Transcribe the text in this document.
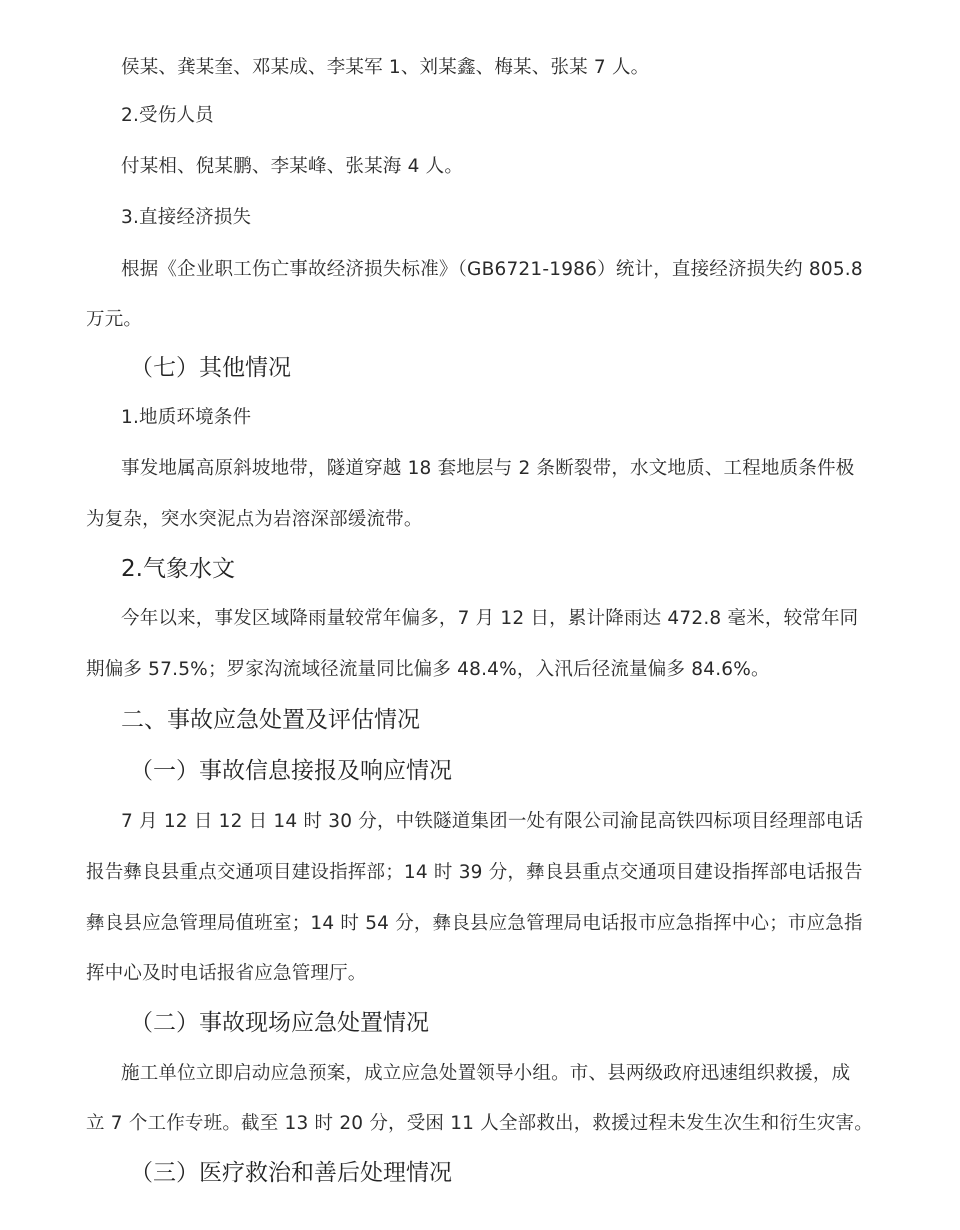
侯某、龚某奎、邓某成、李某军 1、刘某鑫、梅某、张某 7 人。
2.受伤人员
付某相、倪某鹏、李某峰、张某海 4 人。
3.直接经济损失
根据《企业职工伤亡事故经济损失标准》（GB6721-1986）统计，直接经济损失约 805.8
万元。
（七）其他情况
1.地质环境条件
事发地属高原斜坡地带，隧道穿越 18 套地层与 2 条断裂带，水文地质、工程地质条件极
为复杂，突水突泥点为岩溶深部缓流带。
2.气象水文
今年以来，事发区域降雨量较常年偏多，7 月 12 日，累计降雨达 472.8 毫米，较常年同
期偏多 57.5%；罗家沟流域径流量同比偏多 48.4%，入汛后径流量偏多 84.6%。
二、事故应急处置及评估情况
（一）事故信息接报及响应情况
7 月 12 日 12 日 14 时 30 分，中铁隧道集团一处有限公司渝昆高铁四标项目经理部电话
报告彝良县重点交通项目建设指挥部；14 时 39 分，彝良县重点交通项目建设指挥部电话报告
彝良县应急管理局值班室；14 时 54 分，彝良县应急管理局电话报市应急指挥中心；市应急指
挥中心及时电话报省应急管理厅。
（二）事故现场应急处置情况
施工单位立即启动应急预案，成立应急处置领导小组。市、县两级政府迅速组织救援，成
立 7 个工作专班。截至 13 时 20 分，受困 11 人全部救出，救援过程未发生次生和衍生灾害。
（三）医疗救治和善后处理情况
